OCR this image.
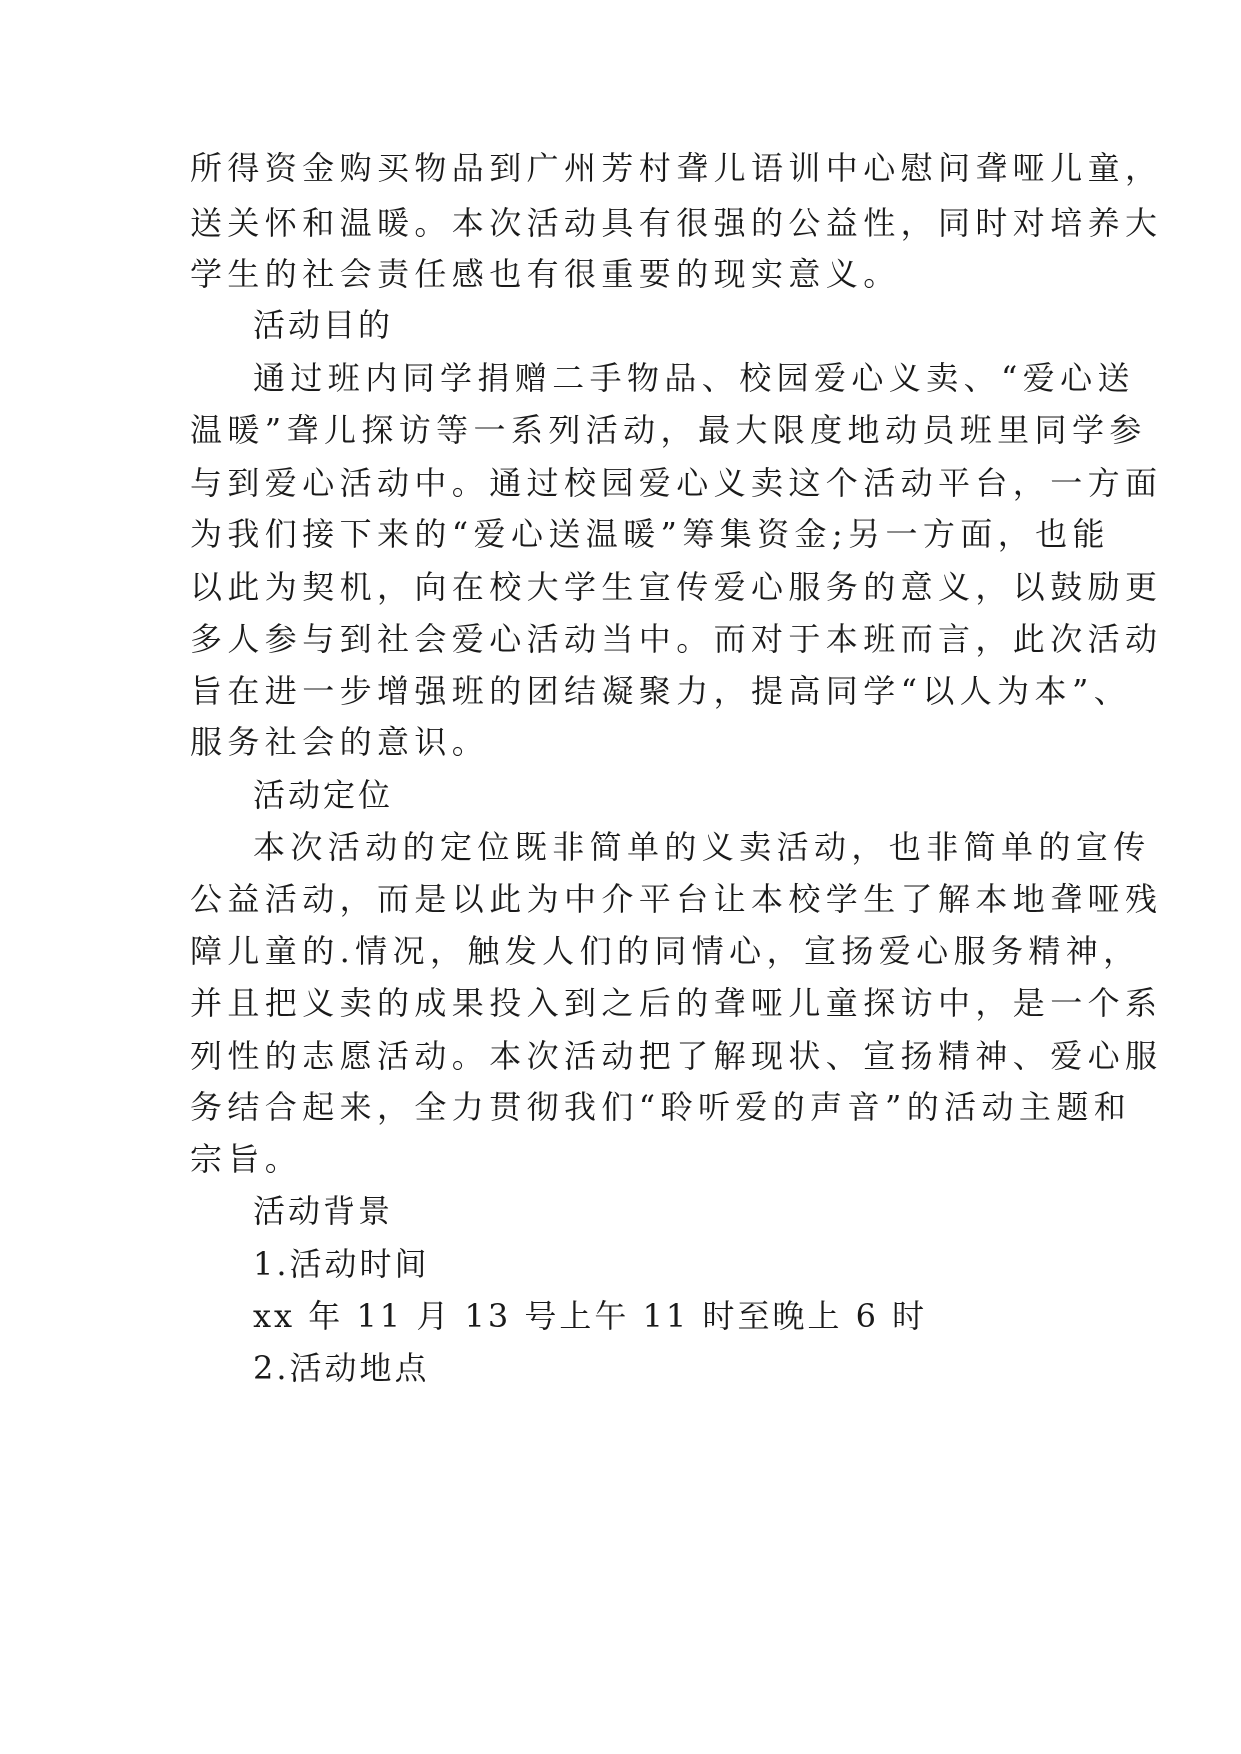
所得资金购买物品到广州芳村聋儿语训中心慰问聋哑儿童，
送关怀和温暖。本次活动具有很强的公益性，同时对培养大
学生的社会责任感也有很重要的现实意义。
活动目的
通过班内同学捐赠二手物品、校园爱心义卖、“爱心送
温暖”聋儿探访等一系列活动，最大限度地动员班里同学参
与到爱心活动中。通过校园爱心义卖这个活动平台，一方面
为我们接下来的“爱心送温暖”筹集资金;另一方面，也能
以此为契机，向在校大学生宣传爱心服务的意义，以鼓励更
多人参与到社会爱心活动当中。而对于本班而言，此次活动
旨在进一步增强班的团结凝聚力，提高同学“以人为本”、
服务社会的意识。
活动定位
本次活动的定位既非简单的义卖活动，也非简单的宣传
公益活动，而是以此为中介平台让本校学生了解本地聋哑残
障儿童的.情况，触发人们的同情心，宣扬爱心服务精神，
并且把义卖的成果投入到之后的聋哑儿童探访中，是一个系
列性的志愿活动。本次活动把了解现状、宣扬精神、爱心服
务结合起来，全力贯彻我们“聆听爱的声音”的活动主题和
宗旨。
活动背景
1.活动时间
xx 年 11 月 13 号上午 11 时至晚上 6 时
2.活动地点
